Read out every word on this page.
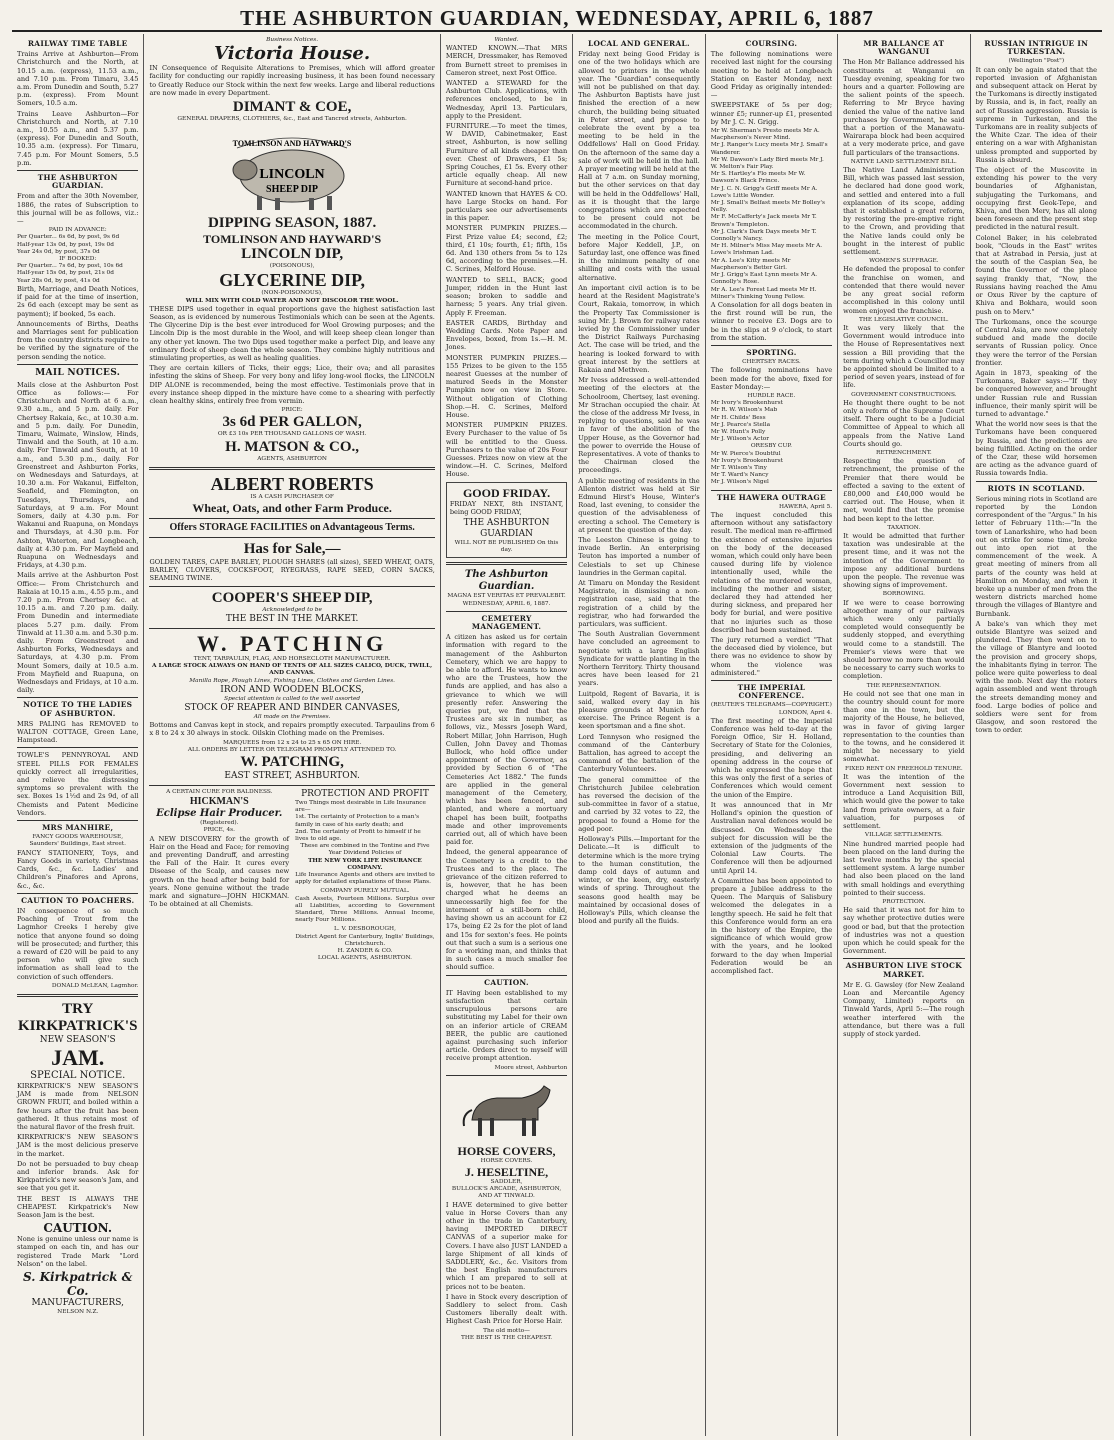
THE ASHBURTON GUARDIAN, WEDNESDAY, APRIL 6, 1887
RAILWAY TIME TABLE

Trains Arrive at Ashburton—From Christchurch and the North, at 10.15 a.m. (express), 11.53 a.m., and 7.10 p.m. From Timaru, 3.45 a.m. From Dunedin and South, 5.27 p.m. (express). From Mount Somers, 10.5 a.m.

Trains Leave Ashburton—For Christchurch and North, at 7.10 a.m., 10.55 a.m., and 5.37 p.m. (express). For Dunedin and South, 10.35 a.m. (express). For Timaru, 7.45 p.m. For Mount Somers, 5.5 p.m.

THE ASHBURTON GUARDIAN.

From and after the 30th November, 1886, the rates of Subscription to this journal will be as follows, viz.:—

PAID IN ADVANCE:
Per Quarter... 6s 6d, by post, 9s 6d
Half-year 13s 0d, by post, 19s 0d
Year 24s 0d, by post, 37s 0d
IF BOOKED:
Per Quarter... 7s 6d, by post, 10s 6d
Half-year 15s 0d, by post, 21s 0d
Year 28s 0d, by post, 41s 0d

Birth, Marriage, and Death Notices, if paid for at the time of insertion, 2s 6d each (except may be sent as payment); if booked, 5s each.

Announcements of Births, Deaths and Marriages sent for publication from the country districts require to be verified by the signature of the person sending the notice.

MAIL NOTICES.

Mails close at the Ashburton Post Office as follows:— For Christchurch and North at 6 a.m., 9.30 a.m., and 5 p.m. daily. For Chertsey Rakaia, &c., at 10.30 a.m. and 5 p.m. daily. For Dunedin, Timaru, Waimate, Winslow, Hinds, Tinwald and the South, at 10 a.m. daily. For Tinwald and South, at 10 a.m., and 5.30 p.m., daily. For Greenstreet and Ashburton Forks, on Wednesdays and Saturdays, at 10.30 a.m. For Wakanui, Eiffelton, Seafield, and Flemington, on Tuesdays, Thursdays, and Saturdays, at 9 a.m. For Mount Somers, daily at 4.30 p.m. For Wakanui and Ruapuna, on Mondays and Thursdays, at 4.30 p.m. For Ashton, Waterton, and Longbeach, daily at 4.30 p.m. For Mayfield and Ruapuna on Wednesdays and Fridays, at 4.30 p.m.

Mails arrive at the Ashburton Post Office:— From Christchurch and Rakaia at 10.15 a.m., 4.55 p.m., and 7.20 p.m. From Chertsey &c. at 10.15 a.m. and 7.20 p.m. daily. From Dunedin and intermediate places 5.27 p.m. daily. From Tinwald at 11.30 a.m. and 5.30 p.m. daily. From Greenstreet and Ashburton Forks, Wednesdays and Saturdays, at 4.30 p.m. From Mount Somers, daily at 10.5 a.m. From Mayfield and Ruapuna, on Wednesdays and Fridays, at 10 a.m. daily.

NOTICE TO THE LADIES OF ASHBURTON.

MRS PALING has REMOVED to WALTON COTTAGE, Green Lane, Hampstead.

TOWLE'S PENNYROYAL AND STEEL PILLS FOR FEMALES quickly correct all irregularities, and relieve the distressing symptoms so prevalent with the sex. Boxes 1s 1½d and 2s 9d, of all Chemists and Patent Medicine Vendors.

MRS MANHIRE,
FANCY GOODS WAREHOUSE, Saunders' Buildings, East street.

FANCY STATIONERY, Toys, and Fancy Goods in variety. Christmas Cards, &c., &c. Ladies' and Children's Pinafores and Aprons, &c., &c.

CAUTION TO POACHERS.

IN consequence of so much Poaching of Trout from the Lagmhor Creeks I hereby give notice that anyone found so doing will be prosecuted; and further, this a reward of £20 will be paid to any person who will give such information as shall lead to the conviction of such offenders.

DONALD McLEAN, Lagmhor.
TRY
KIRKPATRICK'S
NEW SEASON'S
JAM.
SPECIAL NOTICE.

KIRKPATRICK'S NEW SEASON'S JAM is made from NELSON GROWN FRUIT, and boiled within a few hours after the fruit has been gathered. It thus retains most of the natural flavor of the fresh fruit.

KIRKPATRICK'S NEW SEASON'S JAM is the most delicious preserve in the market.

Do not be persuaded to buy cheap and inferior brands. Ask for Kirkpatrick's new season's Jam, and see that you get it.

THE BEST IS ALWAYS THE CHEAPEST. Kirkpatrick's New Season Jam is the best.

CAUTION.

None is genuine unless our name is stamped on each tin, and has our registered Trade Mark "Lord Nelson" on the label.

S. Kirkpatrick & Co.
MANUFACTURERS,
NELSON N.Z.
Business Notices.
Victoria House.

IN Consequence of Requisite Alterations to Premises, which will afford greater facility for conducting our rapidly increasing business, it has been found necessary to Greatly Reduce our Stock within the next few weeks. Large and liberal reductions are now made in every Department.

DIMANT & COE,
GENERAL DRAPERS, CLOTHIERS, &c., East and Tancred streets, Ashburton.
TOMLINSON AND HAYWARD'S
LINCOLN
SHEEP DIP
DIPPING SEASON, 1887.
TOMLINSON AND HAYWARD'S
LINCOLN DIP,
(POISONOUS),
GLYCERINE DIP,
(NON-POISONOUS),
WILL MIX WITH COLD WATER AND NOT DISCOLOR THE WOOL.

THESE DIPS used together in equal proportions gave the highest satisfaction last Season, as is evidenced by numerous Testimonials which can be seen at the Agents. The Glycerine Dip is the best ever introduced for Wool Growing purposes; and the Lincoln Dip is the most durable in the Wool, and will keep sheep clean longer than any other yet known. The two Dips used together make a perfect Dip, and leave any ordinary flock of sheep clean the whole season. They combine highly nutritious and stimulating properties, as well as healing qualities.

They are certain killers of Ticks, their eggs; Lice, their ova; and all parasites infesting the skins of Sheep. For very bony and lifey long-wool flocks, the LINCOLN DIP ALONE is recommended, being the most effective. Testimonials prove that in every instance sheep dipped in the mixture have come to a shearing with perfectly clean healthy skins, entirely free from vermin.

PRICE:
3s 6d PER GALLON,
OR £3 10s PER THOUSAND GALLONS OF WASH.
H. MATSON & CO.,
AGENTS, ASHBURTON
ALBERT ROBERTS
IS A CASH PURCHASER OF
Wheat, Oats, and other Farm Produce.
Offers STORAGE FACILITIES on Advantageous Terms.
Has for Sale,—

GOLDEN TARES, CAPE BARLEY, PLOUGH SHARES (all sizes), SEED WHEAT, OATS, BARLEY, CLOVERS, COCKSFOOT, RYEGRASS, RAPE SEED, CORN SACKS, SEAMING TWINE.

COOPER'S SHEEP DIP,
Acknowledged to be
THE BEST IN THE MARKET.
W. PATCHING
TENT, TARPAULIN, FLAG, AND HORSECLOTH MANUFACTURER.
A LARGE STOCK ALWAYS ON HAND OF TENTS OF ALL SIZES CALICO, DUCK, TWILL, AND CANVAS.
Manilla Rope, Plough Lines, Fishing Lines, Clothes and Garden Lines.
IRON AND WOODEN BLOCKS,
Special attention is called to the well assorted
STOCK OF REAPER AND BINDER CANVASES,
All made on the Premises.

Bottoms and Canvas kept in stock, and repairs promptly executed. Tarpaulins from 6 x 8 to 24 x 30 always in stock. Oilskin Clothing made on the Premises.

MARQUEES from 12 x 24 to 25 x 65 ON HIRE.
ALL ORDERS BY LETTER OR TELEGRAM PROMPTLY ATTENDED TO.
W. PATCHING,
EAST STREET, ASHBURTON.
A CERTAIN CURE FOR BALDNESS.
HICKMAN'S
Eclipse Hair Producer.
(Registered).
PRICE, 4s.

A NEW DISCOVERY for the growth of Hair on the Head and Face; for removing and preventing Dandruff, and arresting the Fall of the Hair. It cures every Disease of the Scalp, and causes new growth on the head after being bald for years. None genuine without the trade mark and signature—JOHN HICKMAN. To be obtained at all Chemists.

PROTECTION AND PROFIT
Two Things most desirable in Life Insurance are—
1st. The certainty of Protection to a man's family in case of his early death; and
2nd. The certainty of Profit to himself if he lives to old age.
These are combined in the Tontine and Five Year Dividend Policies of
THE NEW YORK LIFE INSURANCE COMPANY.

Life Insurance Agents and others are invited to apply for detailed explanations of these Plans.

COMPANY PURELY MUTUAL.

Cash Assets, Fourteen Millions. Surplus over all Liabilities, according to Government Standard, Three Millions. Annual Income, nearly Four Millions.

L. V. DESBOROUGH,
District Agent for Canterbury, Inglis' Buildings, Christchurch.
H. ZANDER & CO.
LOCAL AGENTS, ASHBURTON.
Wanted.

WANTED KNOWN.—That MRS MERCH, Dressmaker, has Removed from Burnett street to premises in Cameron street, next Post Office.

WANTED a STEWARD for the Ashburton Club. Applications, with references enclosed, to be in Wednesday, April 13. Particulars, apply to the President.

FURNITURE.—To meet the times, W DAVID, Cabinetmaker, East street, Ashburton, is now selling Furniture of all kinds cheaper than ever. Chest of Drawers, £1 5s; Spring Couches, £1 5s. Every other article equally cheap. All new Furniture at second-hand price.

WANTED known that HAYES & CO. have Large Stocks on hand. For particulars see our advertisements in this paper.

MONSTER PUMPKIN PRIZES.—First Prize value £4; second, £2; third, £1 10s; fourth, £1; fifth, 15s 6d. And 130 others from 5s to 12s 6d, according to the premises.—H. C. Scrines, Melford House.

WANTED to SELL, BACK; good Jumper, ridden in the Hunt last season; broken to saddle and harness; 5 years. Any trial given. Apply F. Freeman.

EASTER CARDS, Birthday and Wedding Cards. Note Paper and Envelopes, boxed, from 1s.—H. M. Jones.

MONSTER PUMPKIN PRIZES.—155 Prizes to be given to the 155 nearest Guesses at the number of matured Seeds in the Monster Pumpkin now on view in Store. Without obligation of Clothing Shop.—H. C. Scrines, Melford House.

MONSTER PUMPKIN PRIZES. Every Purchaser to the value of 5s will be entitled to the Guess. Purchasers to the value of 20s Four Guesses. Prizes now on view at the window.—H. C. Scrines, Melford House.

GOOD FRIDAY.

FRIDAY NEXT, 8th INSTANT, being GOOD FRIDAY,

THE ASHBURTON GUARDIAN
WILL NOT BE PUBLISHED On this day.
The Ashburton Guardian.
MAGNA EST VERITAS ET PREVALEBIT.
WEDNESDAY, APRIL 6, 1887.
CEMETERY MANAGEMENT.

A citizen has asked us for certain information with regard to the management of the Ashburton Cemetery, which we are happy to be able to afford. He wants to know who are the Trustees, how the funds are applied, and has also a grievance to which we will presently refer. Answering the queries put, we find that the Trustees are six in number, as follows, viz., Messrs Joseph Ward, Robert Millar, John Harrison, Hugh Cullen, John Davey and Thomas Bullock, who hold office under appointment of the Governor, as provided by Section 6 of "The Cemeteries Act 1882." The funds are applied in the general management of the Cemetery, which has been fenced, and planted, and where a mortuary chapel has been built, footpaths made and other improvements carried out, all of which have been paid for.

Indeed, the general appearance of the Cemetery is a credit to the Trustees and to the place. The grievance of the citizen referred to is, however, that he has been charged what he deems an unnecessarily high fee for the interment of a still-born child, having shown us an account for £2 17s, being £2 2s for the plot of land and 15s for sexton's fees. He points out that such a sum is a serious one for a working man, and thinks that in such cases a much smaller fee should suffice.

CAUTION.

IT Having been established to my satisfaction that certain unscrupulous persons are substituting my Label for their own on an inferior article of CREAM BEER, the public are cautioned against purchasing such inferior article. Orders direct to myself will receive prompt attention.

Moore street, Ashburton
HORSE COVERS,
HORSE COVERS.
J. HESELTINE,
SADDLER,
BULLOCK'S ARCADE, ASHBURTON, AND AT TINWALD.

I HAVE determined to give better value in Horse Covers than any other in the trade in Canterbury, having IMPORTED DIRECT CANVAS of a superior make for Covers. I have also JUST LANDED a large Shipment of all kinds of SADDLERY, &c., &c. Visitors from the best English manufacturers which I am prepared to sell at prices not to be beaten.

I have in Stock every description of Saddlery to select from. Cash Customers liberally dealt with. Highest Cash Price for Horse Hair.

The old motto—
THE BEST IS THE CHEAPEST.
LOCAL AND GENERAL.

Friday next being Good Friday is one of the two holidays which are allowed to printers in the whole year. The "Guardian" consequently will not be published on that day. The Ashburton Baptists have just finished the erection of a new church, the building being situated in Peter street, and propose to celebrate the event by a tea meeting to be held in the Oddfellows' Hall on Good Friday. On the afternoon of the same day a sale of work will be held in the hall. A prayer meeting will be held at the Hall at 7 a.m. on Sunday morning, but the other services on that day will be held in the Oddfellows' Hall, as it is thought that the large congregations which are expected to be present could not be accommodated in the church.

The meeting in the Police Court, before Major Keddell, J.P., on Saturday last, one offence was fined in the minimum penalty of one shilling and costs with the usual alternative.

An important civil action is to be heard at the Resident Magistrate's Court, Rakaia, tomorrow, in which the Property Tax Commissioner is suing Mr. J. Brown for railway rates levied by the Commissioner under the District Railways Purchasing Act. The case will be tried, and the hearing is looked forward to with great interest by the settlers at Rakaia and Methven.

Mr Ivess addressed a well-attended meeting of the electors at the Schoolroom, Chertsey, last evening. Mr Strachan occupied the chair. At the close of the address Mr Ivess, in replying to questions, said he was in favor of the abolition of the Upper House, as the Governor had the power to override the House of Representatives. A vote of thanks to the Chairman closed the proceedings.

A public meeting of residents in the Allenton district was held at Sir Edmund Hirst's House, Winter's Road, last evening, to consider the question of the advisableness of erecting a school. The Cemetery is at present the question of the day.

The Leeston Chinese is going to invade Berlin. An enterprising Teuton has imported a number of Celestials to set up Chinese laundries in the German capital.

At Timaru on Monday the Resident Magistrate, in dismissing a non-registration case, said that the registration of a child by the registrar, who had forwarded the particulars, was sufficient.

The South Australian Government have concluded an agreement to negotiate with a large English Syndicate for wattle planting in the Northern Territory. Thirty thousand acres have been leased for 21 years.

Luitpold, Regent of Bavaria, it is said, walked every day in his pleasure grounds at Munich for exercise. The Prince Regent is a keen sportsman and a fine shot.

Lord Tennyson who resigned the command of the Canterbury Battalion, has agreed to accept the command of the battalion of the Canterbury Volunteers.

The general committee of the Christchurch Jubilee celebration has reversed the decision of the sub-committee in favor of a statue, and carried by 32 votes to 22, the proposal to found a Home for the aged poor.

Holloway's Pills.—Important for the Delicate.—It is difficult to determine which is the more trying to the human constitution, the damp cold days of autumn and winter, or the keen, dry, easterly winds of spring. Throughout the seasons good health may be maintained by occasional doses of Holloway's Pills, which cleanse the blood and purify all the fluids.

COURSING.

The following nominations were received last night for the coursing meeting to be held at Longbeach Station on Easter Monday, next Good Friday as originally intended:—

SWEEPSTAKE of 5s per dog; winner £5; runner-up £1, presented by Mr J. C. N. Grigg.

Mr W. Sherman's Presto meets Mr A. Macpherson's Never Mind.
Mr J. Ranger's Lucy meets Mr J. Small's Wanderer.
Mr W. Dawson's Lady Bird meets Mr J. W. Melton's Fair Play.
Mr S. Hartley's Flo meets Mr W. Dawson's Black Prince.
Mr J. C. N. Grigg's Griff meets Mr A. Lowe's Little Wonder.
Mr J. Small's Belfast meets Mr Bolley's Nelly.
Mr F. McCafferty's Jack meets Mr T. Brown's Templeton.
Mr J. Clark's Dark Days meets Mr T. Connolly's Nancy.
Mr H. Milner's Miss May meets Mr A. Lowe's Irishman Lad.
Mr A. Lee's Kitty meets Mr Macpherson's Better Girl.
Mr J. Grigg's East Lynn meets Mr A. Connolly's Rose.
Mr A. Lee's Forest Lad meets Mr H. Milner's Thinking Young Fellow.

A Consolation for all dogs beaten in the first round will be run, the winner to receive £3. Dogs are to be in the slips at 9 o'clock, to start from the station.

SPORTING.
CHERTSEY RACES.

The following nominations have been made for the above, fixed for Easter Monday:—

HURDLE RACE.
Mr Ivory's Brookenhurst
Mr R. W. Wilson's Mab
Mr H. Childs' Bess
Mr J. Pearce's Stella
Mr W. Hunt's Polly
Mr J. Wilson's Actor
ORESBY CUP.
Mr W. Pierce's Doubtful
Mr Ivory's Brookenhurst
Mr T. Wilson's Tiny
Mr T. Ward's Nancy
Mr J. Wilson's Nigel
THE HAWERA OUTRAGE
HAWERA, April 5.

The inquest concluded this afternoon without any satisfactory result. The medical man re-affirmed the existence of extensive injuries on the body of the deceased woman, which could only have been caused during life by violence intentionally used, while the relations of the murdered woman, including the mother and sister, declared they had attended her during sickness, and prepared her body for burial, and were positive that no injuries such as those described had been sustained.

The jury returned a verdict "That the deceased died by violence, but there was no evidence to show by whom the violence was administered."

THE IMPERIAL CONFERENCE.
(REUTER'S TELEGRAMS—COPYRIGHT.)
LONDON, April 4.

The first meeting of the Imperial Conference was held to-day at the Foreign Office, Sir H. Holland, Secretary of State for the Colonies, presiding, and delivering an opening address in the course of which he expressed the hope that this was only the first of a series of Conferences which would cement the union of the Empire.

It was announced that in Mr Holland's opinion the question of Australian naval defences would be discussed. On Wednesday the subject for discussion will be the extension of the judgments of the Colonial Law Courts. The Conference will then be adjourned until April 14.

A Committee has been appointed to prepare a Jubilee address to the Queen. The Marquis of Salisbury welcomed the delegates in a lengthy speech. He said he felt that this Conference would form an era in the history of the Empire, the significance of which would grow with the years, and he looked forward to the day when Imperial Federation would be an accomplished fact.

MR BALLANCE AT WANGANUI

The Hon Mr Ballance addressed his constituents at Wanganui on Tuesday evening, speaking for two hours and a quarter. Following are the salient points of the speech. Referring to Mr Bryce having denied the value of the native land purchases by Government, he said that a portion of the Manawatu-Wairarapa block had been acquired at a very moderate price, and gave full particulars of the transactions.

NATIVE LAND SETTLEMENT BILL.

The Native Land Administration Bill, which was passed last session, he declared had done good work, and settled and entered into a full explanation of its scope, adding that it established a great reform, by restoring the pre-emptive right to the Crown, and providing that the Native lands could only be bought in the interest of public settlement.

WOMEN'S SUFFRAGE.

He defended the proposal to confer the franchise on women, and contended that there would never be any great social reform accomplished in this colony until women enjoyed the franchise.

THE LEGISLATIVE COUNCIL.

It was very likely that the Government would introduce into the House of Representatives next session a Bill providing that the term during which a Councillor may be appointed should be limited to a period of seven years, instead of for life.

GOVERNMENT CONSTRUCTIONS.

He thought there ought to be not only a reform of the Supreme Court itself. There ought to be a Judicial Committee of Appeal to which all appeals from the Native Land Courts should go.

RETRENCHMENT.

Respecting the question of retrenchment, the promise of the Premier that there would be effected a saving to the extent of £80,000 and £40,000 would be carried out. The House, when it met, would find that the promise had been kept to the letter.

TAXATION.

It would be admitted that further taxation was undesirable at the present time, and it was not the intention of the Government to impose any additional burdens upon the people. The revenue was showing signs of improvement.

BORROWING.

If we were to cease borrowing altogether many of our railways which were only partially completed would consequently be suddenly stopped, and everything would come to a standstill. The Premier's views were that we should borrow no more than would be necessary to carry such works to completion.

THE REPRESENTATION.

He could not see that one man in the country should count for more than one in the town, but the majority of the House, he believed, was in favor of giving larger representation to the counties than to the towns, and he considered it might be necessary to yield somewhat.

FIXED RENT ON FREEHOLD TENURE.

It was the intention of the Government next session to introduce a Land Acquisition Bill, which would give the power to take land from private owners, at a fair valuation, for purposes of settlement.

VILLAGE SETTLEMENTS.

Nine hundred married people had been placed on the land during the last twelve months by the special settlement system. A large number had also been placed on the land with small holdings and everything pointed to their success.

PROTECTION.

He said that it was not for him to say whether protective duties were good or bad, but that the protection of industries was not a question upon which he could speak for the Government.

ASHBURTON LIVE STOCK MARKET.

Mr E. G. Gawsley (for New Zealand Loan and Mercantile Agency Company, Limited) reports on Tinwald Yards, April 5:—The rough weather interfered with the attendance, but there was a full supply of stock yarded.

RUSSIAN INTRIGUE IN TURKESTAN.
(Wellington "Post")

It can only be again stated that the reported invasion of Afghanistan and subsequent attack on Herat by the Turkomans is directly instigated by Russia, and is, in fact, really an act of Russian aggression. Russia is supreme in Turkestan, and the Turkomans are in reality subjects of the White Czar. The idea of their entering on a war with Afghanistan unless prompted and supported by Russia is absurd.

The object of the Muscovite in extending his power to the very boundaries of Afghanistan, subjugating the Turkomans, and occupying first Geok-Tepe, and Khiva, and then Merv, has all along been foreseen and the present step predicted in the natural result.

Colonel Baker, in his celebrated book, "Clouds in the East" writes that at Astrabad in Persia, just at the south of the Caspian Sea, he found the Governor of the place saying frankly that, "Now, the Russians having reached the Amu or Oxus River by the capture of Khiva and Bokhara, would soon push on to Merv."

The Turkomans, once the scourge of Central Asia, are now completely subdued and made the docile servants of Russian policy. Once they were the terror of the Persian frontier.

Again in 1873, speaking of the Turkomans, Baker says:—"If they be conquered however, and brought under Russian rule and Russian influence, their manly spirit will be turned to advantage."

What the world now sees is that the Turkomans have been conquered by Russia, and the predictions are being fulfilled. Acting on the order of the Czar, these wild horsemen are acting as the advance guard of Russia towards India.

RIOTS IN SCOTLAND.

Serious mining riots in Scotland are reported by the London correspondent of the "Argus." In his letter of February 11th:—"In the town of Lanarkshire, who had been out on strike for some time, broke out into open riot at the commencement of the week. A great meeting of miners from all parts of the county was held at Hamilton on Monday, and when it broke up a number of men from the western districts marched home through the villages of Blantyre and Burnbank.

A bake's van which they met outside Blantyre was seized and plundered. They then went on to the village of Blantyre and looted the provision and grocery shops, the inhabitants flying in terror. The police were quite powerless to deal with the mob. Next day the rioters again assembled and went through the streets demanding money and food. Large bodies of police and soldiers were sent for from Glasgow, and soon restored the town to order.
